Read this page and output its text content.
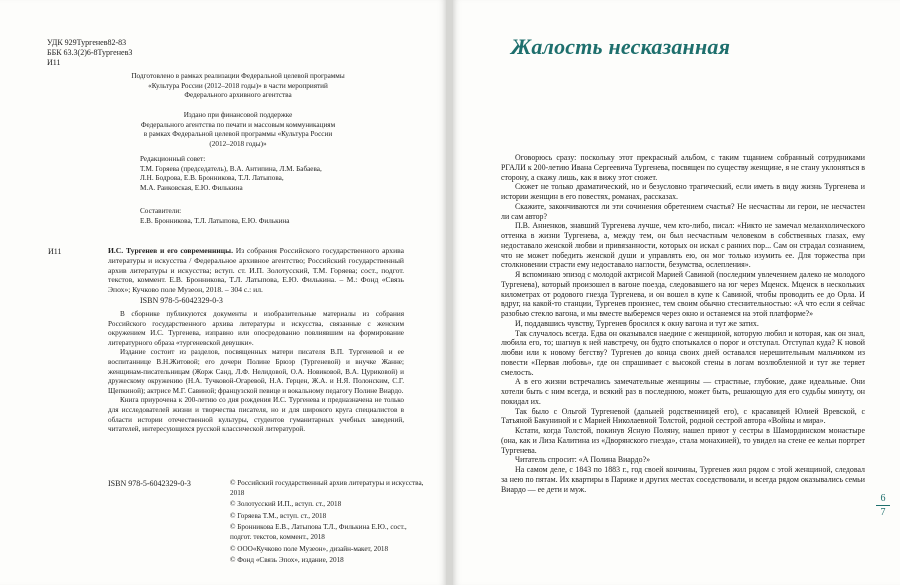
УДК 929Тургенев82-83
ББК 63.3(2)6-8Тургенев3
И11
Подготовлено в рамках реализации Федеральной целевой программы
«Культура России (2012–2018 годы)» в части мероприятий
Федерального архивного агентства
Издано при финансовой поддержке
Федерального агентства по печати и массовым коммуникациям
в рамках Федеральной целевой программы «Культура России
(2012–2018 годы)»
Редакционный совет:
Т.М. Горяева (председатель), В.А. Антипина, Л.М. Бабаева,
Л.Н. Бодрова, Е.В. Бронникова, Т.Л. Латыпова,
М.А. Раиковская, Е.Ю. Филькина
Составители:
Е.В. Бронникова, Т.Л. Латыпова, Е.Ю. Филькина
И11	И.С. Тургенев и его современницы. Из собрания Российского государственного архива литературы и искусства / Федеральное архивное агентство; Российский государственный архив литературы и искусства; вступ. ст. И.П. Золотусский, Т.М. Горяева; сост., подгот. текстов, коммент. Е.В. Бронникова, Т.Л. Латыпова, Е.Ю. Филькина. – М.: Фонд «Связь Эпох»; Кучково поле Музеон, 2018. – 304 с.: ил.

ISBN 978-5-6042329-0-3

В сборнике публикуются документы и изобразительные материалы из собрания Российского государственного архива литературы и искусства, связанные с женским окружением И.С. Тургенева, изправно или опосредованно повлиявшим на формирование литературного образа «тургеневской девушки».

Издание состоит из разделов, посвященных матери писателя В.П. Тургеневой и ее воспитаннице В.Н.Житовой; его дочери Полине Брюэр (Тургеневой) и внучке Жанне; женщинам-писательницам (Жорж Санд, Л.Ф. Нелидовой, О.А. Новиковой, В.А. Цуриковой) и дружескому окружению (Н.А. Тучковой-Огаревой, Н.А. Герцен, Ж.А. и Н.Я. Полонским, С.Г. Щепкиной); актрисе М.Г. Савиной; французской певице и вокальному педагогу Полине Виардо.

Книга приурочена к 200-летию со дня рождения И.С. Тургенева и предназначена не только для исследователей жизни и творчества писателя, но и для широкого круга специалистов в области истории отечественной культуры, студентов гуманитарных учебных заведений, читателей, интересующихся русской классической литературой.

ISBN 978-5-6042329-0-3	© Российский государственный архив литературы и искусства, 2018
© Золотусский И.П., вступ. ст., 2018
© Горяева Т.М., вступ. ст., 2018
© Бронникова Е.В., Латыпова Т.Л., Филькина Е.Ю., сост., подгот. текстов, коммент., 2018
© ООО«Кучково поле Музеон», дизайн-макет, 2018
© Фонд «Связь Эпох», издание, 2018
Жалость несказанная

Оговорюсь сразу: поскольку этот прекрасный альбом, с таким тщанием собранный сотрудниками РГАЛИ к 200-летию Ивана Сергеевича Тургенева, посвящен по существу женщине, я не стану уклоняться в сторону, а скажу лишь, как я вижу этот сюжет.

Сюжет не только драматический, но и безусловно трагический, если иметь в виду жизнь Тургенева и истории женщин в его повестях, романах, рассказах.

Скажите, закончиваются ли эти сочинения обретением счастья? Не несчастны ли герои, не несчастен ли сам автор?

П.В. Анненков, знавший Тургенева лучше, чем кто-либо, писал: «Никто не замечал меланхолического оттенка в жизни Тургенева, а, между тем, он был несчастным человеком в собственных глазах, ему недоставало женской любви и привязанности, которых он искал с ранних пор... Сам он страдал сознанием, что не может победить женской души и управлять ею, он мог только изумить ее. Для торжества при столкновении страсти ему недоставало наглости, безумства, ослепления».

Я вспоминаю эпизод с молодой актрисой Марией Савиной (последним увлечением далеко не молодого Тургенева), который произошел в вагоне поезда, следовавшего на юг через Мценск. Мценск в нескольких километрах от родового гнезда Тургенева, и он вошел в купе к Савиной, чтобы проводить ее до Орла. И вдруг, на какой-то станции, Тургенев произнес, тем своим обычно стеснительностью: «А что если я сейчас разобью стекло вагона, и мы вместе выберемся через окно и останемся на этой платформе?»

И, поддавшись чувству, Тургенев бросился к окну вагона и тут же затих.

Так случалось всегда. Едва он оказывался наедине с женщиной, которую любил и которая, как он знал, любила его, то; шагнув к ней навстречу, он будто спотыкался о порог и отступал. Отступал куда? К новой любви или к новому бегству? Тургенев до конца своих дней оставался нерешительным мальчиком из повести «Первая любовь», где он спрашивает с высокой стены в логам возлюбленной и тут же теряет смелость.

А в его жизни встречались замечательные женщины — страстные, глубокие, даже идеальные. Они хотели быть с ним всегда, и всякий раз в последнюю, может быть, решающую для его судьбы минуту, он покидал их.

Так было с Ольгой Тургеневой (дальней родственницей его), с красавицей Юлией Вревской, с Татьяной Бакуниной и с Марией Николаевной Толстой, родной сестрой автора «Войны и мира».

Кстати, когда Толстой, покинув Ясную Поляну, нашел приют у сестры в Шамординском монастыре (она, как и Лиза Калитина из «Дворянского гнезда», стала монахиней), то увидел на стене ее кельи портрет Тургенева.

Читатель спросит: «А Полина Виардо?»

На самом деле, с 1843 по 1883 г., год своей кончины, Тургенев жил рядом с этой женщиной, следовал за нею по пятам. Их квартиры в Париже и других местах соседствовали, и всегда рядом оказывались семьи Виардо — ее дети и муж.

6
7
